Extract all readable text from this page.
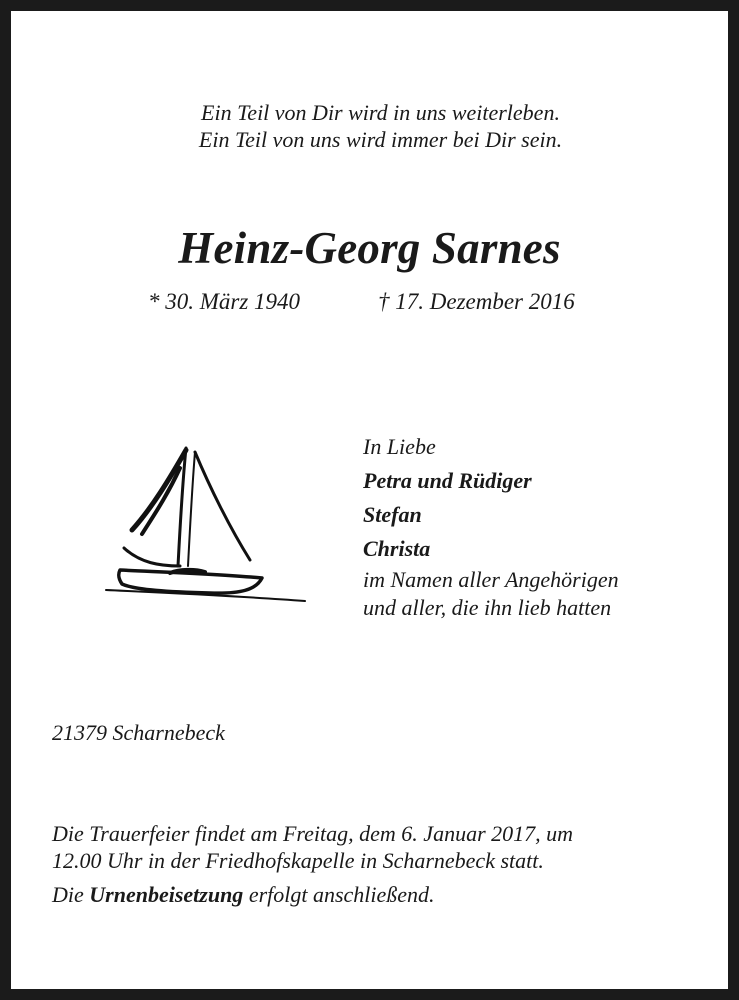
Ein Teil von Dir wird in uns weiterleben.
Ein Teil von uns wird immer bei Dir sein.
Heinz-Georg Sarnes
* 30. März 1940	† 17. Dezember 2016
In Liebe
Petra und Rüdiger
Stefan
Christa
im Namen aller Angehörigen
und aller, die ihn lieb hatten
21379 Scharnebeck
Die Trauerfeier findet am Freitag, dem 6. Januar 2017, um
12.00 Uhr in der Friedhofskapelle in Scharnebeck statt.
Die Urnenbeisetzung erfolgt anschließend.
